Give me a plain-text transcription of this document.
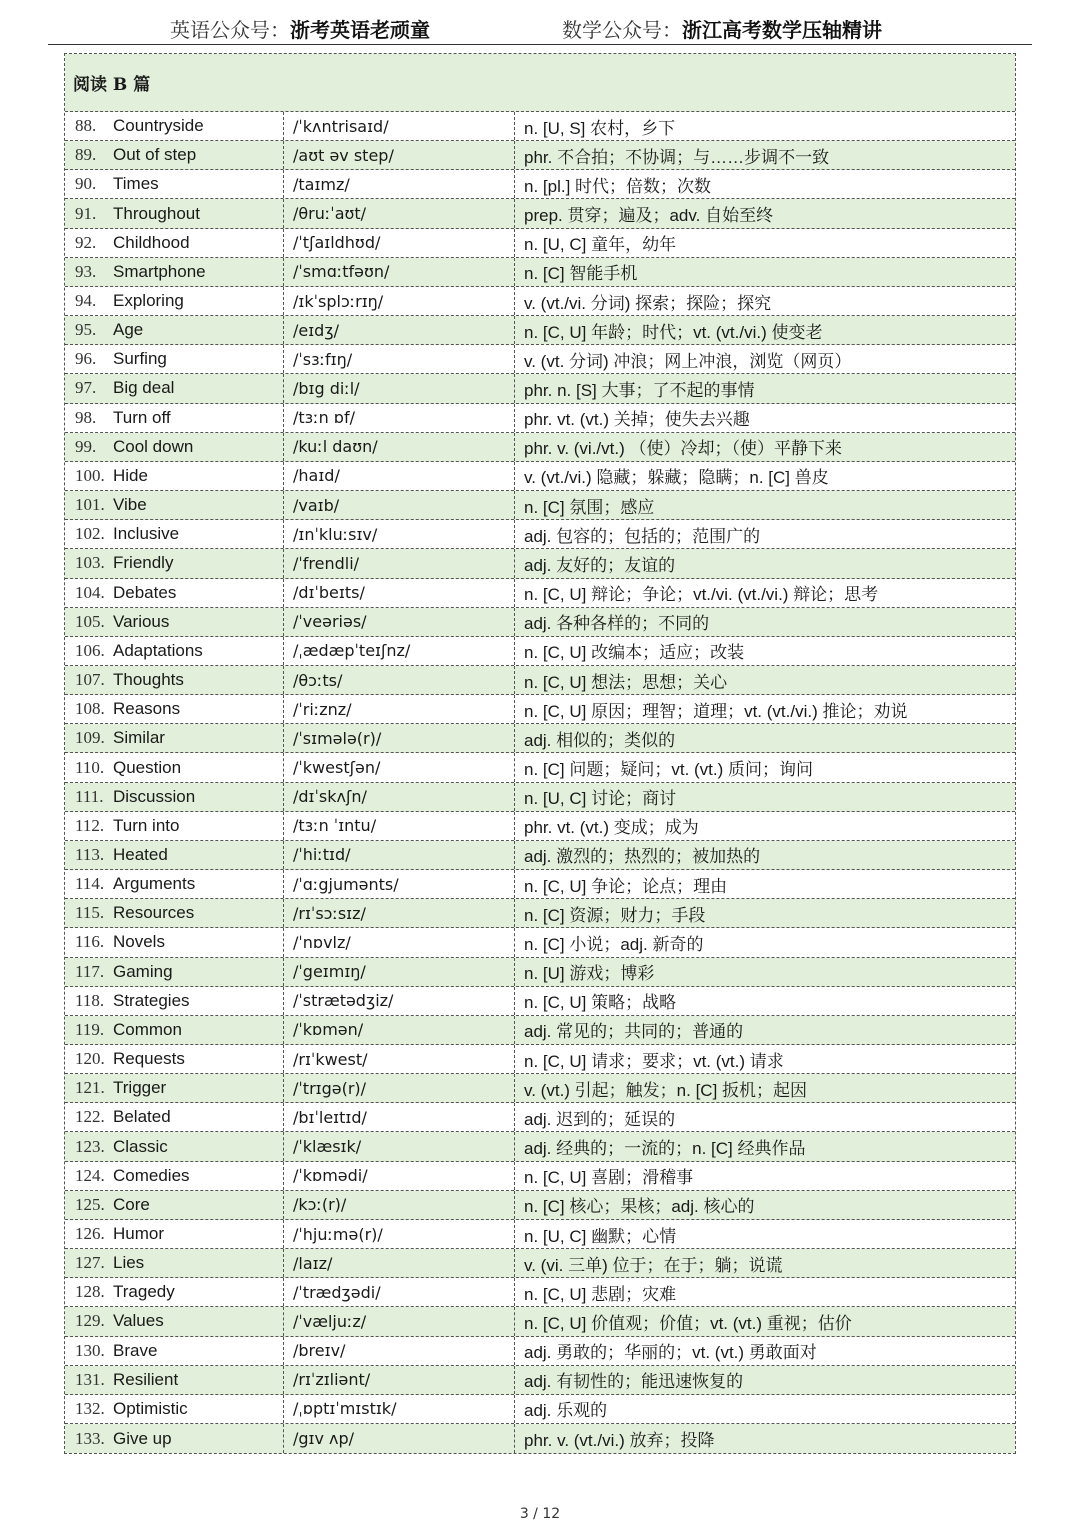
英语公众号：浙考英语老顽童	数学公众号：浙江高考数学压轴精讲
阅读 B 篇
88. Countryside	/ˈkʌntrisaɪd/	n. [U, S] 农村，乡下
89. Out of step	/aʊt əv step/	phr. 不合拍；不协调；与……步调不一致
90. Times	/taɪmz/	n. [pl.] 时代；倍数；次数
91. Throughout	/θruːˈaʊt/	prep. 贯穿；遍及；adv. 自始至终
92. Childhood	/ˈtʃaɪldhʊd/	n. [U, C] 童年，幼年
93. Smartphone	/ˈsmɑːtfəʊn/	n. [C] 智能手机
94. Exploring	/ɪkˈsplɔːrɪŋ/	v. (vt./vi. 分词) 探索；探险；探究
95. Age	/eɪdʒ/	n. [C, U] 年龄；时代；vt. (vt./vi.) 使变老
96. Surfing	/ˈsɜːfɪŋ/	v. (vt. 分词) 冲浪；网上冲浪，浏览（网页）
97. Big deal	/bɪg diːl/	phr. n. [S] 大事；了不起的事情
98. Turn off	/tɜːn ɒf/	phr. vt. (vt.) 关掉；使失去兴趣
99. Cool down	/kuːl daʊn/	phr. v. (vi./vt.) （使）冷却；（使）平静下来
100. Hide	/haɪd/	v. (vt./vi.) 隐藏；躲藏；隐瞒；n. [C] 兽皮
101. Vibe	/vaɪb/	n. [C] 氛围；感应
102. Inclusive	/ɪnˈkluːsɪv/	adj. 包容的；包括的；范围广的
103. Friendly	/ˈfrendli/	adj. 友好的；友谊的
104. Debates	/dɪˈbeɪts/	n. [C, U] 辩论；争论；vt./vi. (vt./vi.) 辩论；思考
105. Various	/ˈveəriəs/	adj. 各种各样的；不同的
106. Adaptations	/ˌædæpˈteɪʃnz/	n. [C, U] 改编本；适应；改装
107. Thoughts	/θɔːts/	n. [C, U] 想法；思想；关心
108. Reasons	/ˈriːznz/	n. [C, U] 原因；理智；道理；vt. (vt./vi.) 推论；劝说
109. Similar	/ˈsɪmələ(r)/	adj. 相似的；类似的
110. Question	/ˈkwestʃən/	n. [C] 问题；疑问；vt. (vt.) 质问；询问
111. Discussion	/dɪˈskʌʃn/	n. [U, C] 讨论；商讨
112. Turn into	/tɜːn ˈɪntu/	phr. vt. (vt.) 变成；成为
113. Heated	/ˈhiːtɪd/	adj. 激烈的；热烈的；被加热的
114. Arguments	/ˈɑːgjumənts/	n. [C, U] 争论；论点；理由
115. Resources	/rɪˈsɔːsɪz/	n. [C] 资源；财力；手段
116. Novels	/ˈnɒvlz/	n. [C] 小说；adj. 新奇的
117. Gaming	/ˈgeɪmɪŋ/	n. [U] 游戏；博彩
118. Strategies	/ˈstrætədʒiz/	n. [C, U] 策略；战略
119. Common	/ˈkɒmən/	adj. 常见的；共同的；普通的
120. Requests	/rɪˈkwest/	n. [C, U] 请求；要求；vt. (vt.) 请求
121. Trigger	/ˈtrɪgə(r)/	v. (vt.) 引起；触发；n. [C] 扳机；起因
122. Belated	/bɪˈleɪtɪd/	adj. 迟到的；延误的
123. Classic	/ˈklæsɪk/	adj. 经典的；一流的；n. [C] 经典作品
124. Comedies	/ˈkɒmədi/	n. [C, U] 喜剧；滑稽事
125. Core	/kɔː(r)/	n. [C] 核心；果核；adj. 核心的
126. Humor	/ˈhjuːmə(r)/	n. [U, C] 幽默；心情
127. Lies	/laɪz/	v. (vi. 三单) 位于；在于；躺；说谎
128. Tragedy	/ˈtrædʒədi/	n. [C, U] 悲剧；灾难
129. Values	/ˈvæljuːz/	n. [C, U] 价值观；价值；vt. (vt.) 重视；估价
130. Brave	/breɪv/	adj. 勇敢的；华丽的；vt. (vt.) 勇敢面对
131. Resilient	/rɪˈzɪliənt/	adj. 有韧性的；能迅速恢复的
132. Optimistic	/ˌɒptɪˈmɪstɪk/	adj. 乐观的
133. Give up	/gɪv ʌp/	phr. v. (vt./vi.) 放弃；投降
3 / 12
